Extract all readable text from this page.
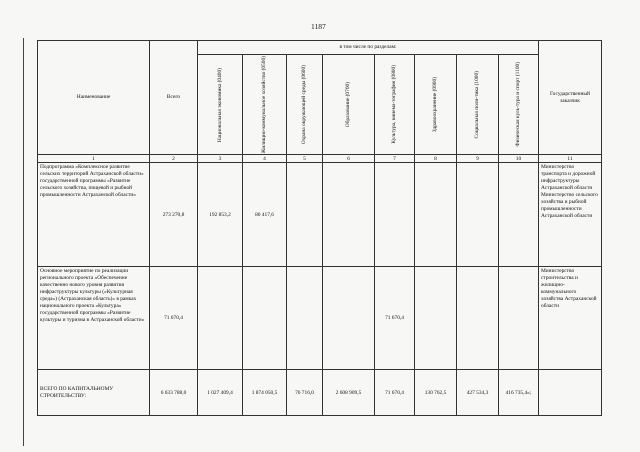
1187
Наименование	Всего	в том числе по разделам:								Государственный заказчик

		Национальная экономика (0400)	Жилищно-коммунальное хозяйство (0500)	Охрана окружающей среды (0600)	Образование (0700)	Культура, кинема-тография (0800)	Здравоохранение (0900)	Социальная поли-тика (1000)	Физическая куль-тура и спорт (1100)	

1	2	3	4	5	6	7	8	9	10	11
Подпрограмма «Комплексное развитие сельских территорий Астраханской области» государственной программы «Развитие сельского хозяйства, пищевой и рыбной промышленности Астраханской области»	273 270,8	192 853,2	80 417,6							Министерство транспорта и дорожной инфраструктуры Астраханской области Министерство сельского хозяйства и рыбной промышленности Астраханской области
Основное мероприятие по реализации регионального проекта «Обеспечение качественно нового уровня развития инфраструктуры культуры («Культурная среда») (Астраханская область)» в рамках национального проекта «Культура» государственной программы «Развитие культуры и туризма в Астраханской области»	71 670,4					71 670,4				Министерство строительства и жилищно-коммунального хозяйства Астраханской области
ВСЕГО ПО КАПИТАЛЬНОМУ СТРОИТЕЛЬСТВУ:	6 633 788,0	1 027 409,4	1 874 050,5	76 716,0	2 608 909,5	71 670,4	130 762,5	427 534,3	416 735,4»;	
